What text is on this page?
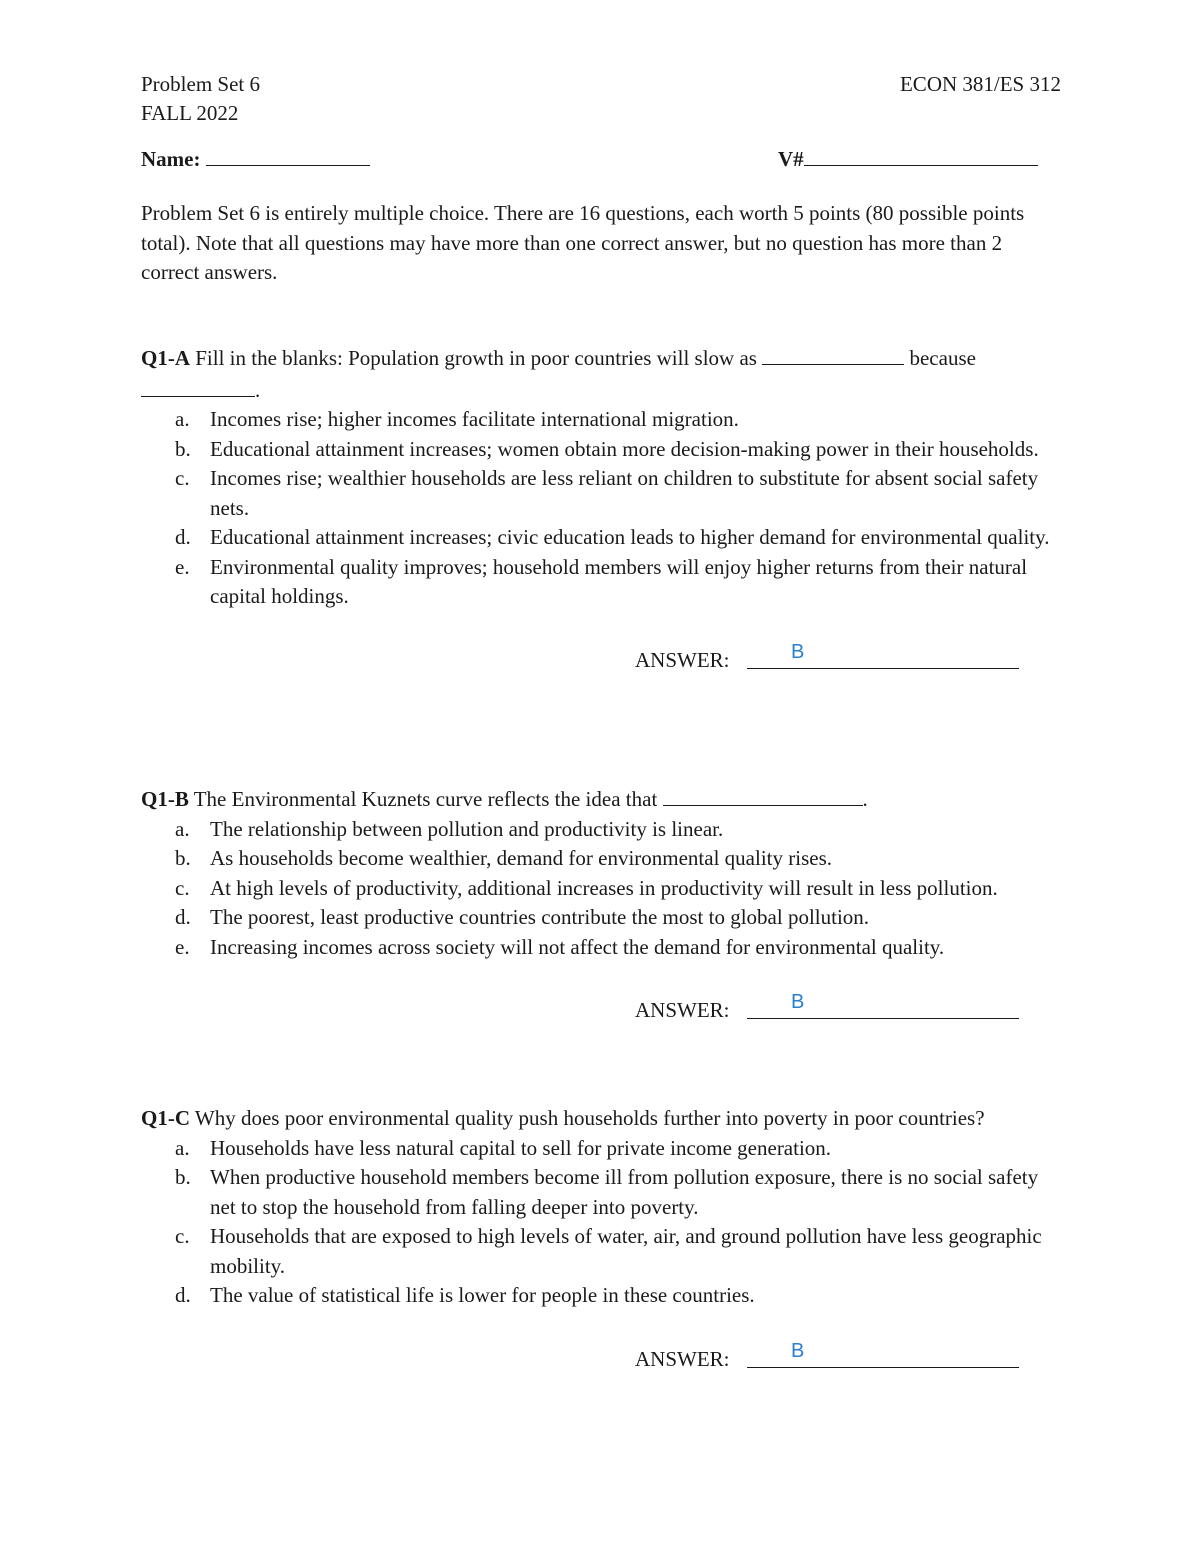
Problem Set 6	ECON 381/ES 312
FALL 2022
Name:	V#
Problem Set 6 is entirely multiple choice. There are 16 questions, each worth 5 points (80 possible points total). Note that all questions may have more than one correct answer, but no question has more than 2 correct answers.
Q1-A Fill in the blanks: Population growth in poor countries will slow as	because .
a. Incomes rise; higher incomes facilitate international migration.
b. Educational attainment increases; women obtain more decision-making power in their households.
c. Incomes rise; wealthier households are less reliant on children to substitute for absent social safety nets.
d. Educational attainment increases; civic education leads to higher demand for environmental quality.
e. Environmental quality improves; household members will enjoy higher returns from their natural capital holdings.
ANSWER:	B
Q1-B The Environmental Kuznets curve reflects the idea that	.
a. The relationship between pollution and productivity is linear.
b. As households become wealthier, demand for environmental quality rises.
c. At high levels of productivity, additional increases in productivity will result in less pollution.
d. The poorest, least productive countries contribute the most to global pollution.
e. Increasing incomes across society will not affect the demand for environmental quality.
ANSWER:	B
Q1-C Why does poor environmental quality push households further into poverty in poor countries?
a. Households have less natural capital to sell for private income generation.
b. When productive household members become ill from pollution exposure, there is no social safety net to stop the household from falling deeper into poverty.
c. Households that are exposed to high levels of water, air, and ground pollution have less geographic mobility.
d. The value of statistical life is lower for people in these countries.
ANSWER:	B
